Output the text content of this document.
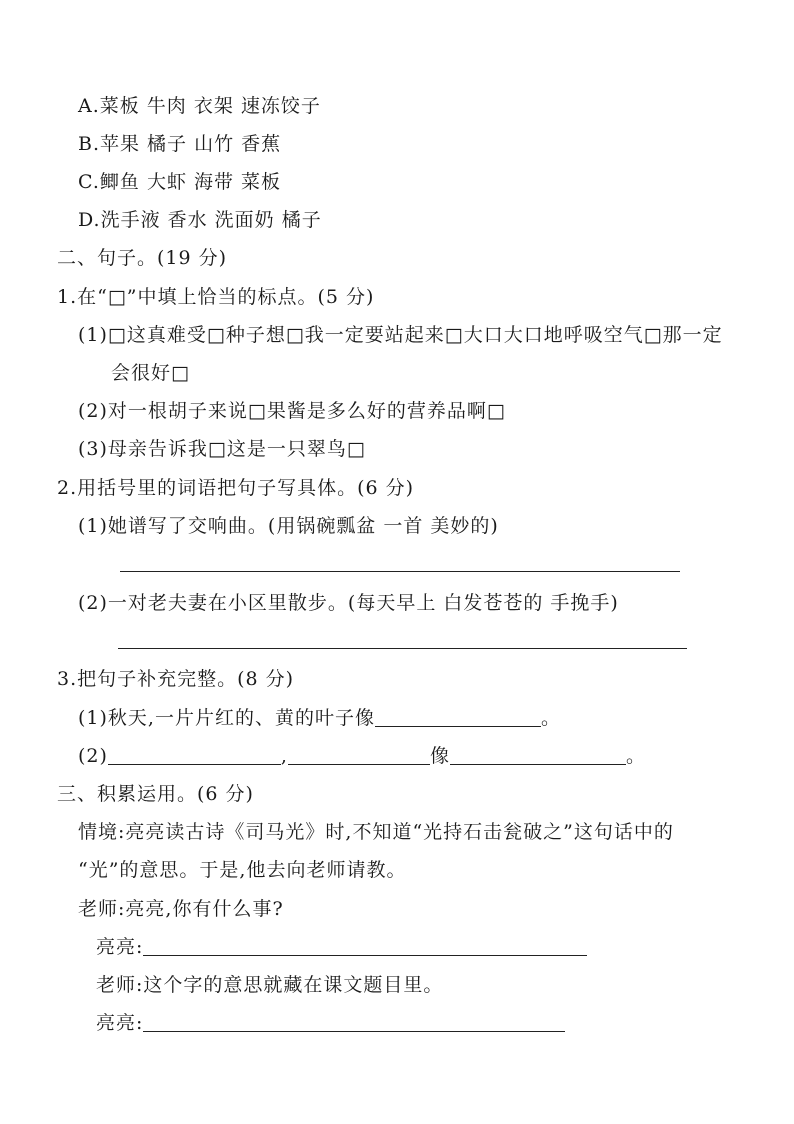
A.菜板 牛肉 衣架 速冻饺子
B.苹果 橘子 山竹 香蕉
C.鲫鱼 大虾 海带 菜板
D.洗手液 香水 洗面奶 橘子
二、句子。(19 分)
1.在“□”中填上恰当的标点。(5 分)
(1)□这真难受□种子想□我一定要站起来□大口大口地呼吸空气□那一定
会很好□
(2)对一根胡子来说□果酱是多么好的营养品啊□
(3)母亲告诉我□这是一只翠鸟□
2.用括号里的词语把句子写具体。(6 分)
(1)她谱写了交响曲。(用锅碗瓢盆 一首 美妙的)
(2)一对老夫妻在小区里散步。(每天早上 白发苍苍的 手挽手)
3.把句子补充完整。(8 分)
(1)秋天,一片片红的、黄的叶子像	。
(2)	,	像	。
三、积累运用。(6 分)
情境:亮亮读古诗《司马光》时,不知道“光持石击瓮破之”这句话中的
“光”的意思。于是,他去向老师请教。
老师:亮亮,你有什么事?
亮亮:
老师:这个字的意思就藏在课文题目里。
亮亮:
